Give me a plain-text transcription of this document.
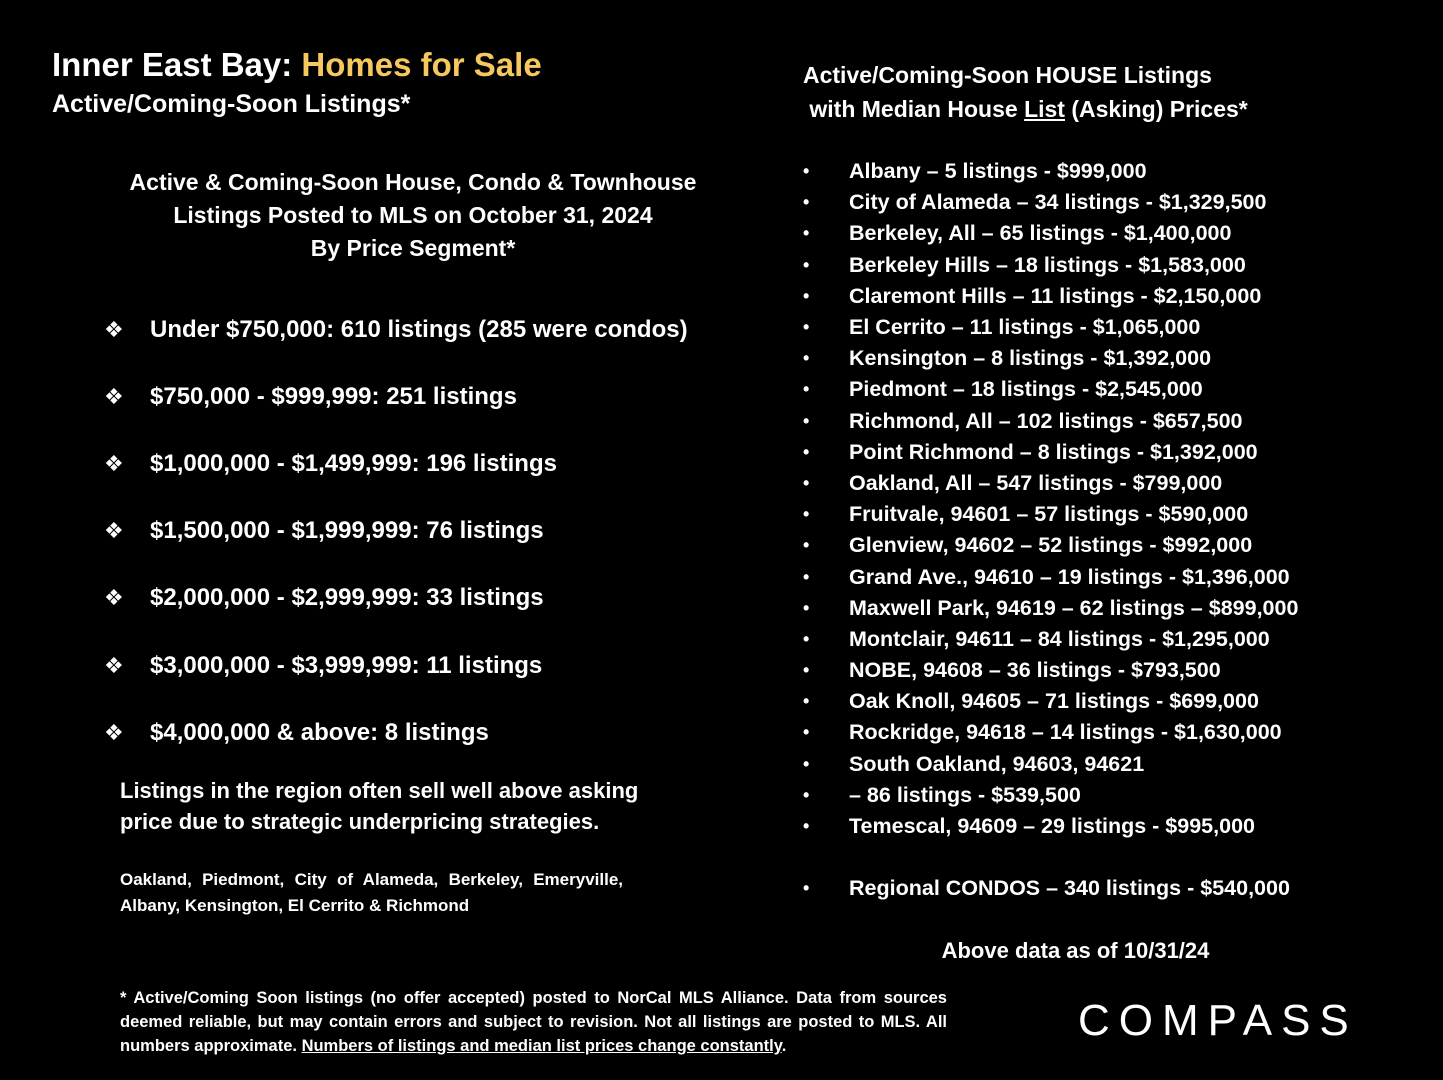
Inner East Bay: Homes for Sale
Active/Coming-Soon Listings*
Active & Coming-Soon House, Condo & Townhouse
Listings Posted to MLS on October 31, 2024
By Price Segment*
❖	Under $750,000: 610 listings (285 were condos)
❖	$750,000 - $999,999: 251 listings
❖	$1,000,000 - $1,499,999: 196 listings
❖	$1,500,000 - $1,999,999: 76 listings
❖	$2,000,000 - $2,999,999: 33 listings
❖	$3,000,000 - $3,999,999: 11 listings
❖	$4,000,000 & above: 8 listings
Listings in the region often sell well above asking
price due to strategic underpricing strategies.
Oakland, Piedmont, City of Alameda, Berkeley, Emeryville, Albany, Kensington, El Cerrito & Richmond
Active/Coming-Soon HOUSE Listings
with Median House List (Asking) Prices*
•	Albany – 5 listings - $999,000
•	City of Alameda – 34 listings - $1,329,500
•	Berkeley, All – 65 listings - $1,400,000
•	Berkeley Hills – 18 listings - $1,583,000
•	Claremont Hills – 11 listings - $2,150,000
•	El Cerrito – 11 listings - $1,065,000
•	Kensington – 8 listings - $1,392,000
•	Piedmont – 18 listings - $2,545,000
•	Richmond, All – 102 listings - $657,500
•	Point Richmond – 8 listings - $1,392,000
•	Oakland, All – 547 listings - $799,000
•	Fruitvale, 94601 – 57 listings - $590,000
•	Glenview, 94602 – 52 listings - $992,000
•	Grand Ave., 94610 – 19 listings - $1,396,000
•	Maxwell Park, 94619 – 62 listings – $899,000
•	Montclair, 94611 – 84 listings - $1,295,000
•	NOBE, 94608 – 36 listings - $793,500
•	Oak Knoll, 94605 – 71 listings - $699,000
•	Rockridge, 94618 – 14 listings - $1,630,000
•	South Oakland, 94603, 94621
•	– 86 listings - $539,500
•	Temescal, 94609 – 29 listings - $995,000
•	Regional CONDOS – 340 listings - $540,000
Above data as of 10/31/24
* Active/Coming Soon listings (no offer accepted) posted to NorCal MLS Alliance. Data from sources deemed reliable, but may contain errors and subject to revision. Not all listings are posted to MLS. All numbers approximate. Numbers of listings and median list prices change constantly.
COMPASS
